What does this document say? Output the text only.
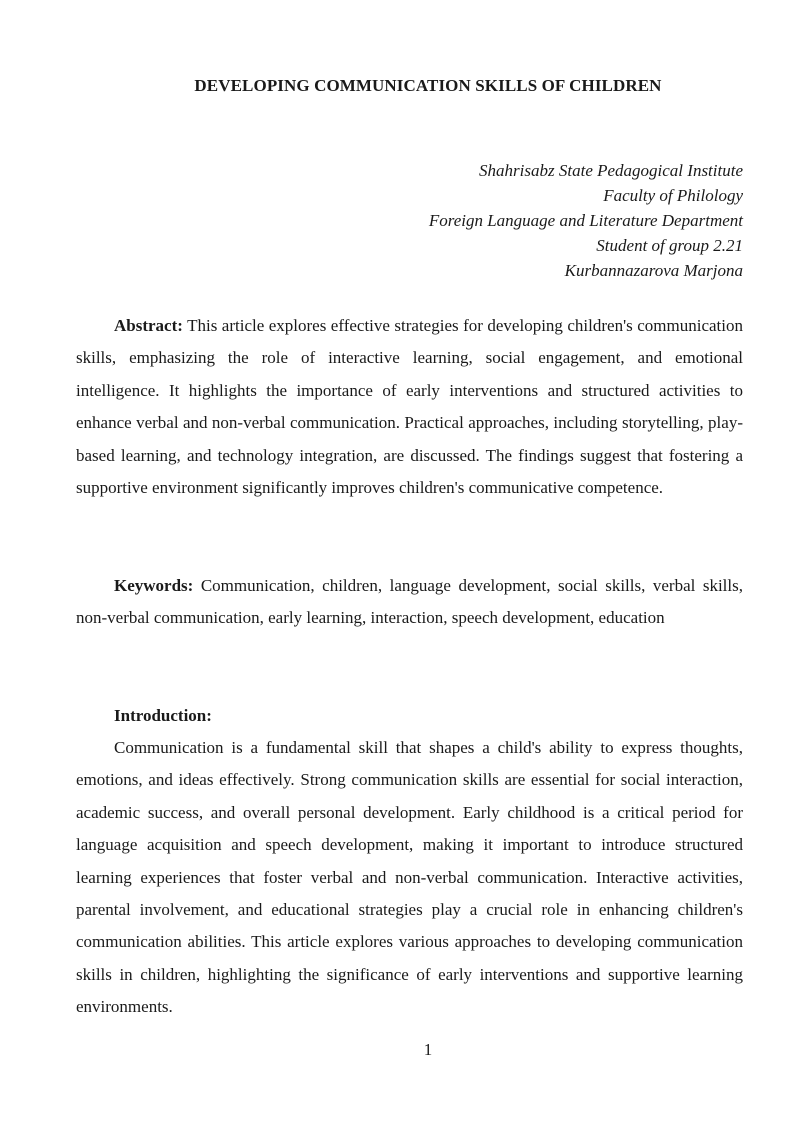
DEVELOPING COMMUNICATION SKILLS OF CHILDREN
Shahrisabz State Pedagogical Institute
Faculty of Philology
Foreign Language and Literature Department
Student of group 2.21
Kurbannazarova Marjona

Abstract: This article explores effective strategies for developing children's communication skills, emphasizing the role of interactive learning, social engagement, and emotional intelligence. It highlights the importance of early interventions and structured activities to enhance verbal and non-verbal communication. Practical approaches, including storytelling, play-based learning, and technology integration, are discussed. The findings suggest that fostering a supportive environment significantly improves children's communicative competence.

Keywords: Communication, children, language development, social skills, verbal skills, non-verbal communication, early learning, interaction, speech development, education

Introduction:

Communication is a fundamental skill that shapes a child's ability to express thoughts, emotions, and ideas effectively. Strong communication skills are essential for social interaction, academic success, and overall personal development. Early childhood is a critical period for language acquisition and speech development, making it important to introduce structured learning experiences that foster verbal and non-verbal communication. Interactive activities, parental involvement, and educational strategies play a crucial role in enhancing children's communication abilities. This article explores various approaches to developing communication skills in children, highlighting the significance of early interventions and supportive learning environments.

1
